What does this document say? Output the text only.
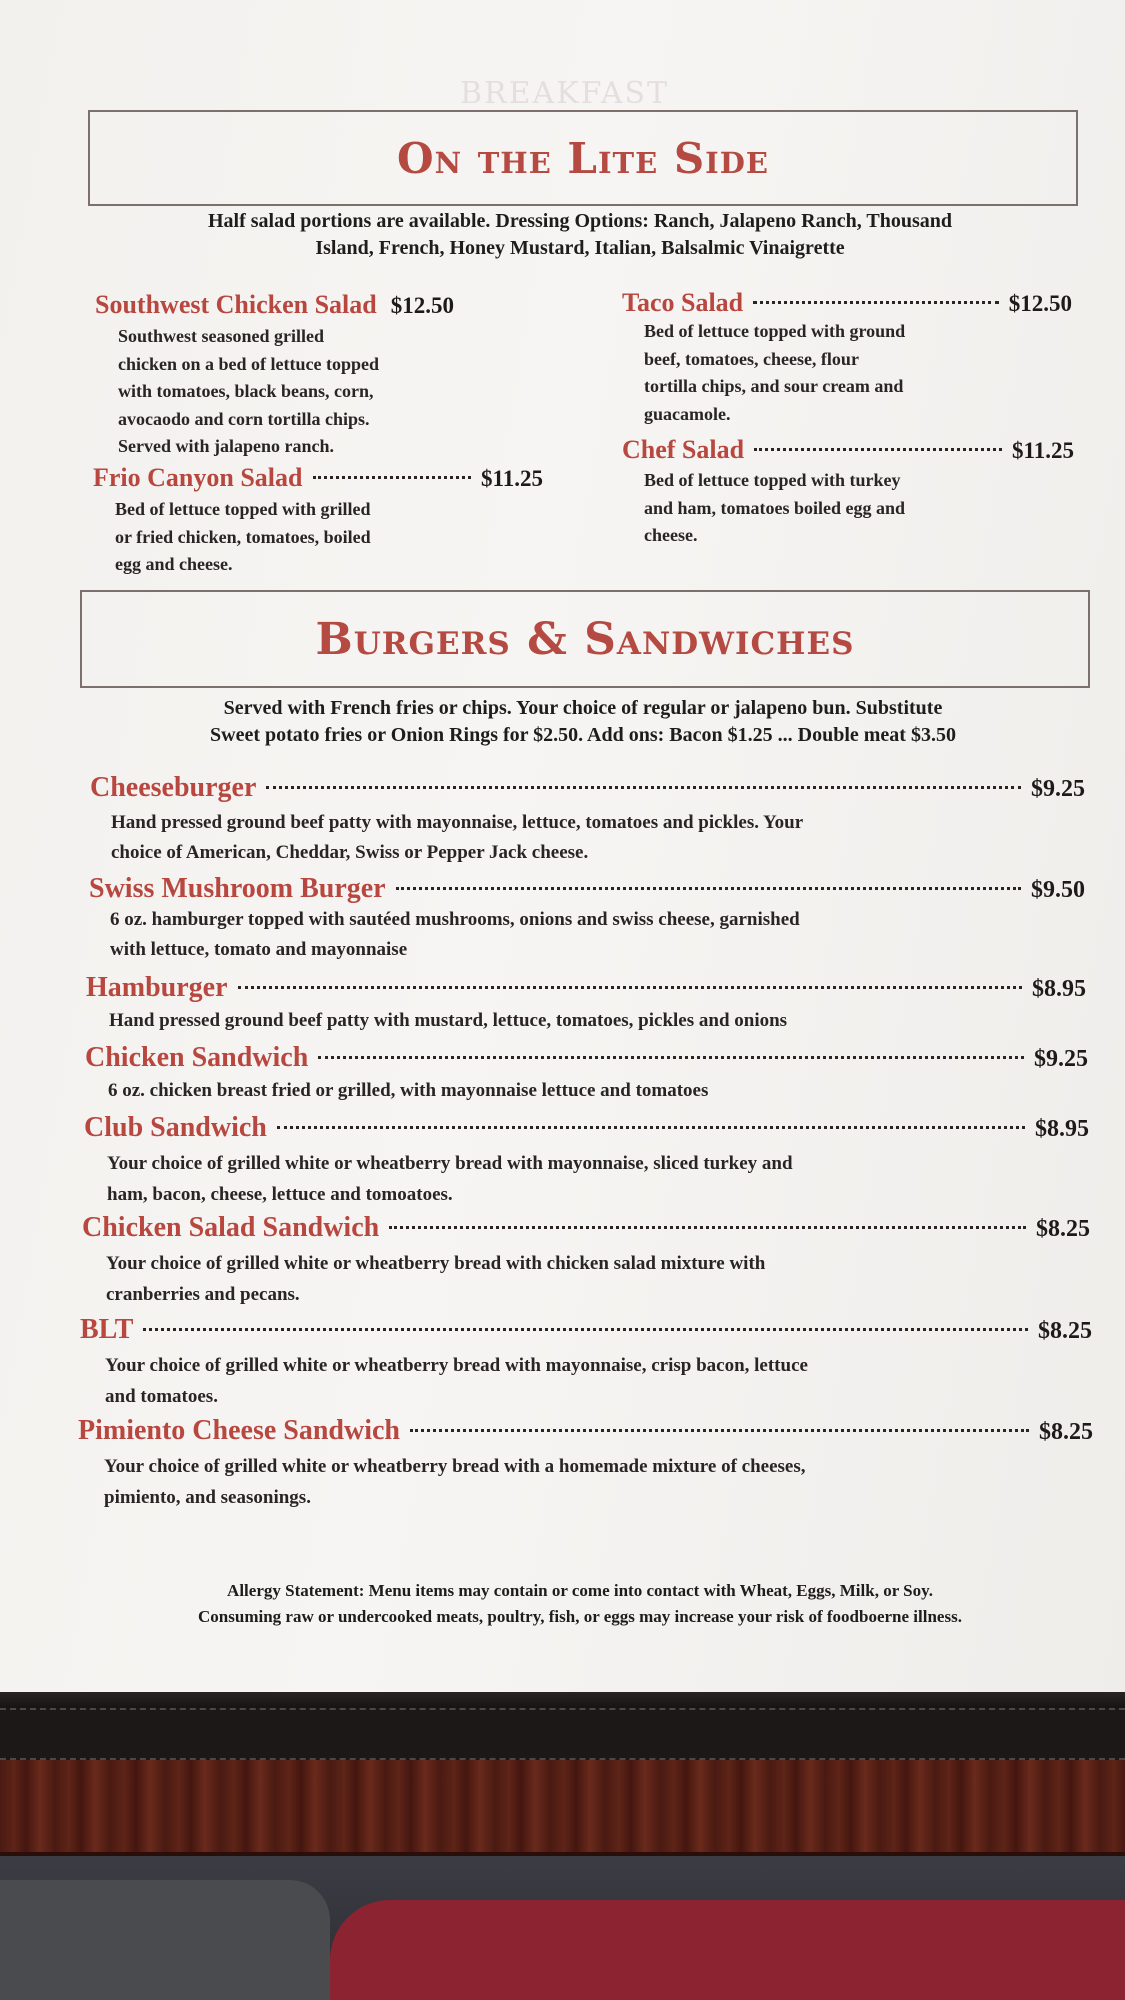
BREAKFAST
On the Lite Side
Half salad portions are available. Dressing Options: Ranch, Jalapeno Ranch, Thousand
Island, French, Honey Mustard, Italian, Balsalmic Vinaigrette
Southwest Chicken Salad $12.50
Southwest seasoned grilled
chicken on a bed of lettuce topped
with tomatoes, black beans, corn,
avocaodo and corn tortilla chips.
Served with jalapeno ranch.
Frio Canyon Salad	$11.25
Bed of lettuce topped with grilled
or fried chicken, tomatoes, boiled
egg and cheese.
Taco Salad	$12.50
Bed of lettuce topped with ground
beef, tomatoes, cheese, flour
tortilla chips, and sour cream and
guacamole.
Chef Salad	$11.25
Bed of lettuce topped with turkey
and ham, tomatoes boiled egg and
cheese.
Burgers & Sandwiches
Served with French fries or chips. Your choice of regular or jalapeno bun. Substitute
Sweet potato fries or Onion Rings for $2.50. Add ons: Bacon $1.25 ... Double meat $3.50
Cheeseburger	$9.25
Hand pressed ground beef patty with mayonnaise, lettuce, tomatoes and pickles. Your
choice of American, Cheddar, Swiss or Pepper Jack cheese.
Swiss Mushroom Burger	$9.50
6 oz. hamburger topped with sautéed mushrooms, onions and swiss cheese, garnished
with lettuce, tomato and mayonnaise
Hamburger	$8.95
Hand pressed ground beef patty with mustard, lettuce, tomatoes, pickles and onions
Chicken Sandwich	$9.25
6 oz. chicken breast fried or grilled, with mayonnaise lettuce and tomatoes
Club Sandwich	$8.95
Your choice of grilled white or wheatberry bread with mayonnaise, sliced turkey and
ham, bacon, cheese, lettuce and tomoatoes.
Chicken Salad Sandwich	$8.25
Your choice of grilled white or wheatberry bread with chicken salad mixture with
cranberries and pecans.
BLT	$8.25
Your choice of grilled white or wheatberry bread with mayonnaise, crisp bacon, lettuce
and tomatoes.
Pimiento Cheese Sandwich	$8.25
Your choice of grilled white or wheatberry bread with a homemade mixture of cheeses,
pimiento, and seasonings.
Allergy Statement: Menu items may contain or come into contact with Wheat, Eggs, Milk, or Soy.
Consuming raw or undercooked meats, poultry, fish, or eggs may increase your risk of foodboerne illness.
